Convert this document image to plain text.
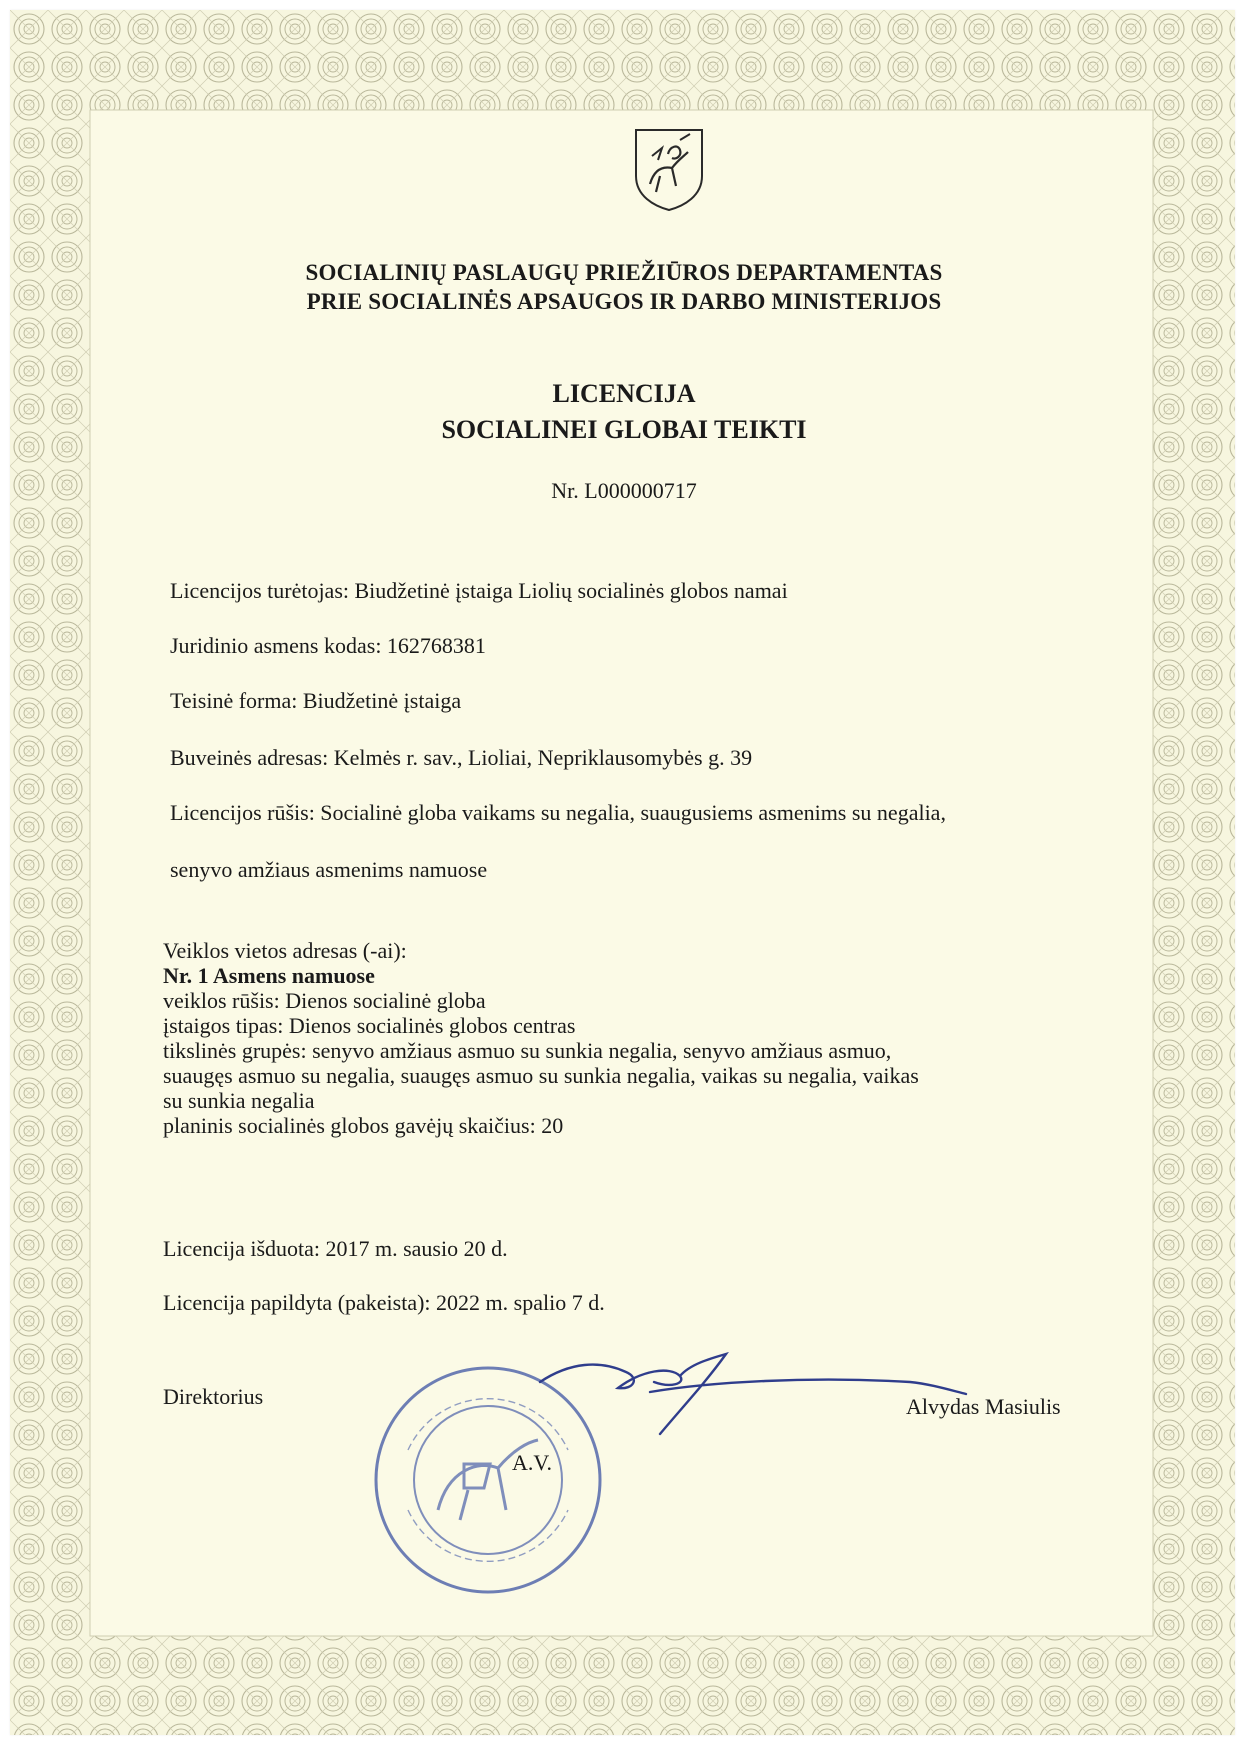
SOCIALINIŲ PASLAUGŲ PRIEŽIŪROS DEPARTAMENTAS
PRIE SOCIALINĖS APSAUGOS IR DARBO MINISTERIJOS
LICENCIJA
SOCIALINEI GLOBAI TEIKTI
Nr. L000000717
Licencijos turėtojas: Biudžetinė įstaiga Liolių socialinės globos namai
Juridinio asmens kodas: 162768381
Teisinė forma: Biudžetinė įstaiga
Buveinės adresas: Kelmės r. sav., Lioliai, Nepriklausomybės g. 39
Licencijos rūšis: Socialinė globa vaikams su negalia, suaugusiems asmenims su negalia,
senyvo amžiaus asmenims namuose
Veiklos vietos adresas (-ai):
Nr. 1 Asmens namuose
veiklos rūšis: Dienos socialinė globa
įstaigos tipas: Dienos socialinės globos centras
tikslinės grupės: senyvo amžiaus asmuo su sunkia negalia, senyvo amžiaus asmuo,
suaugęs asmuo su negalia, suaugęs asmuo su sunkia negalia, vaikas su negalia, vaikas
su sunkia negalia
planinis socialinės globos gavėjų skaičius: 20
Licencija išduota: 2017 m. sausio 20 d.
Licencija papildyta (pakeista): 2022 m. spalio 7 d.
Direktorius	Alvydas Masiulis
A.V.
